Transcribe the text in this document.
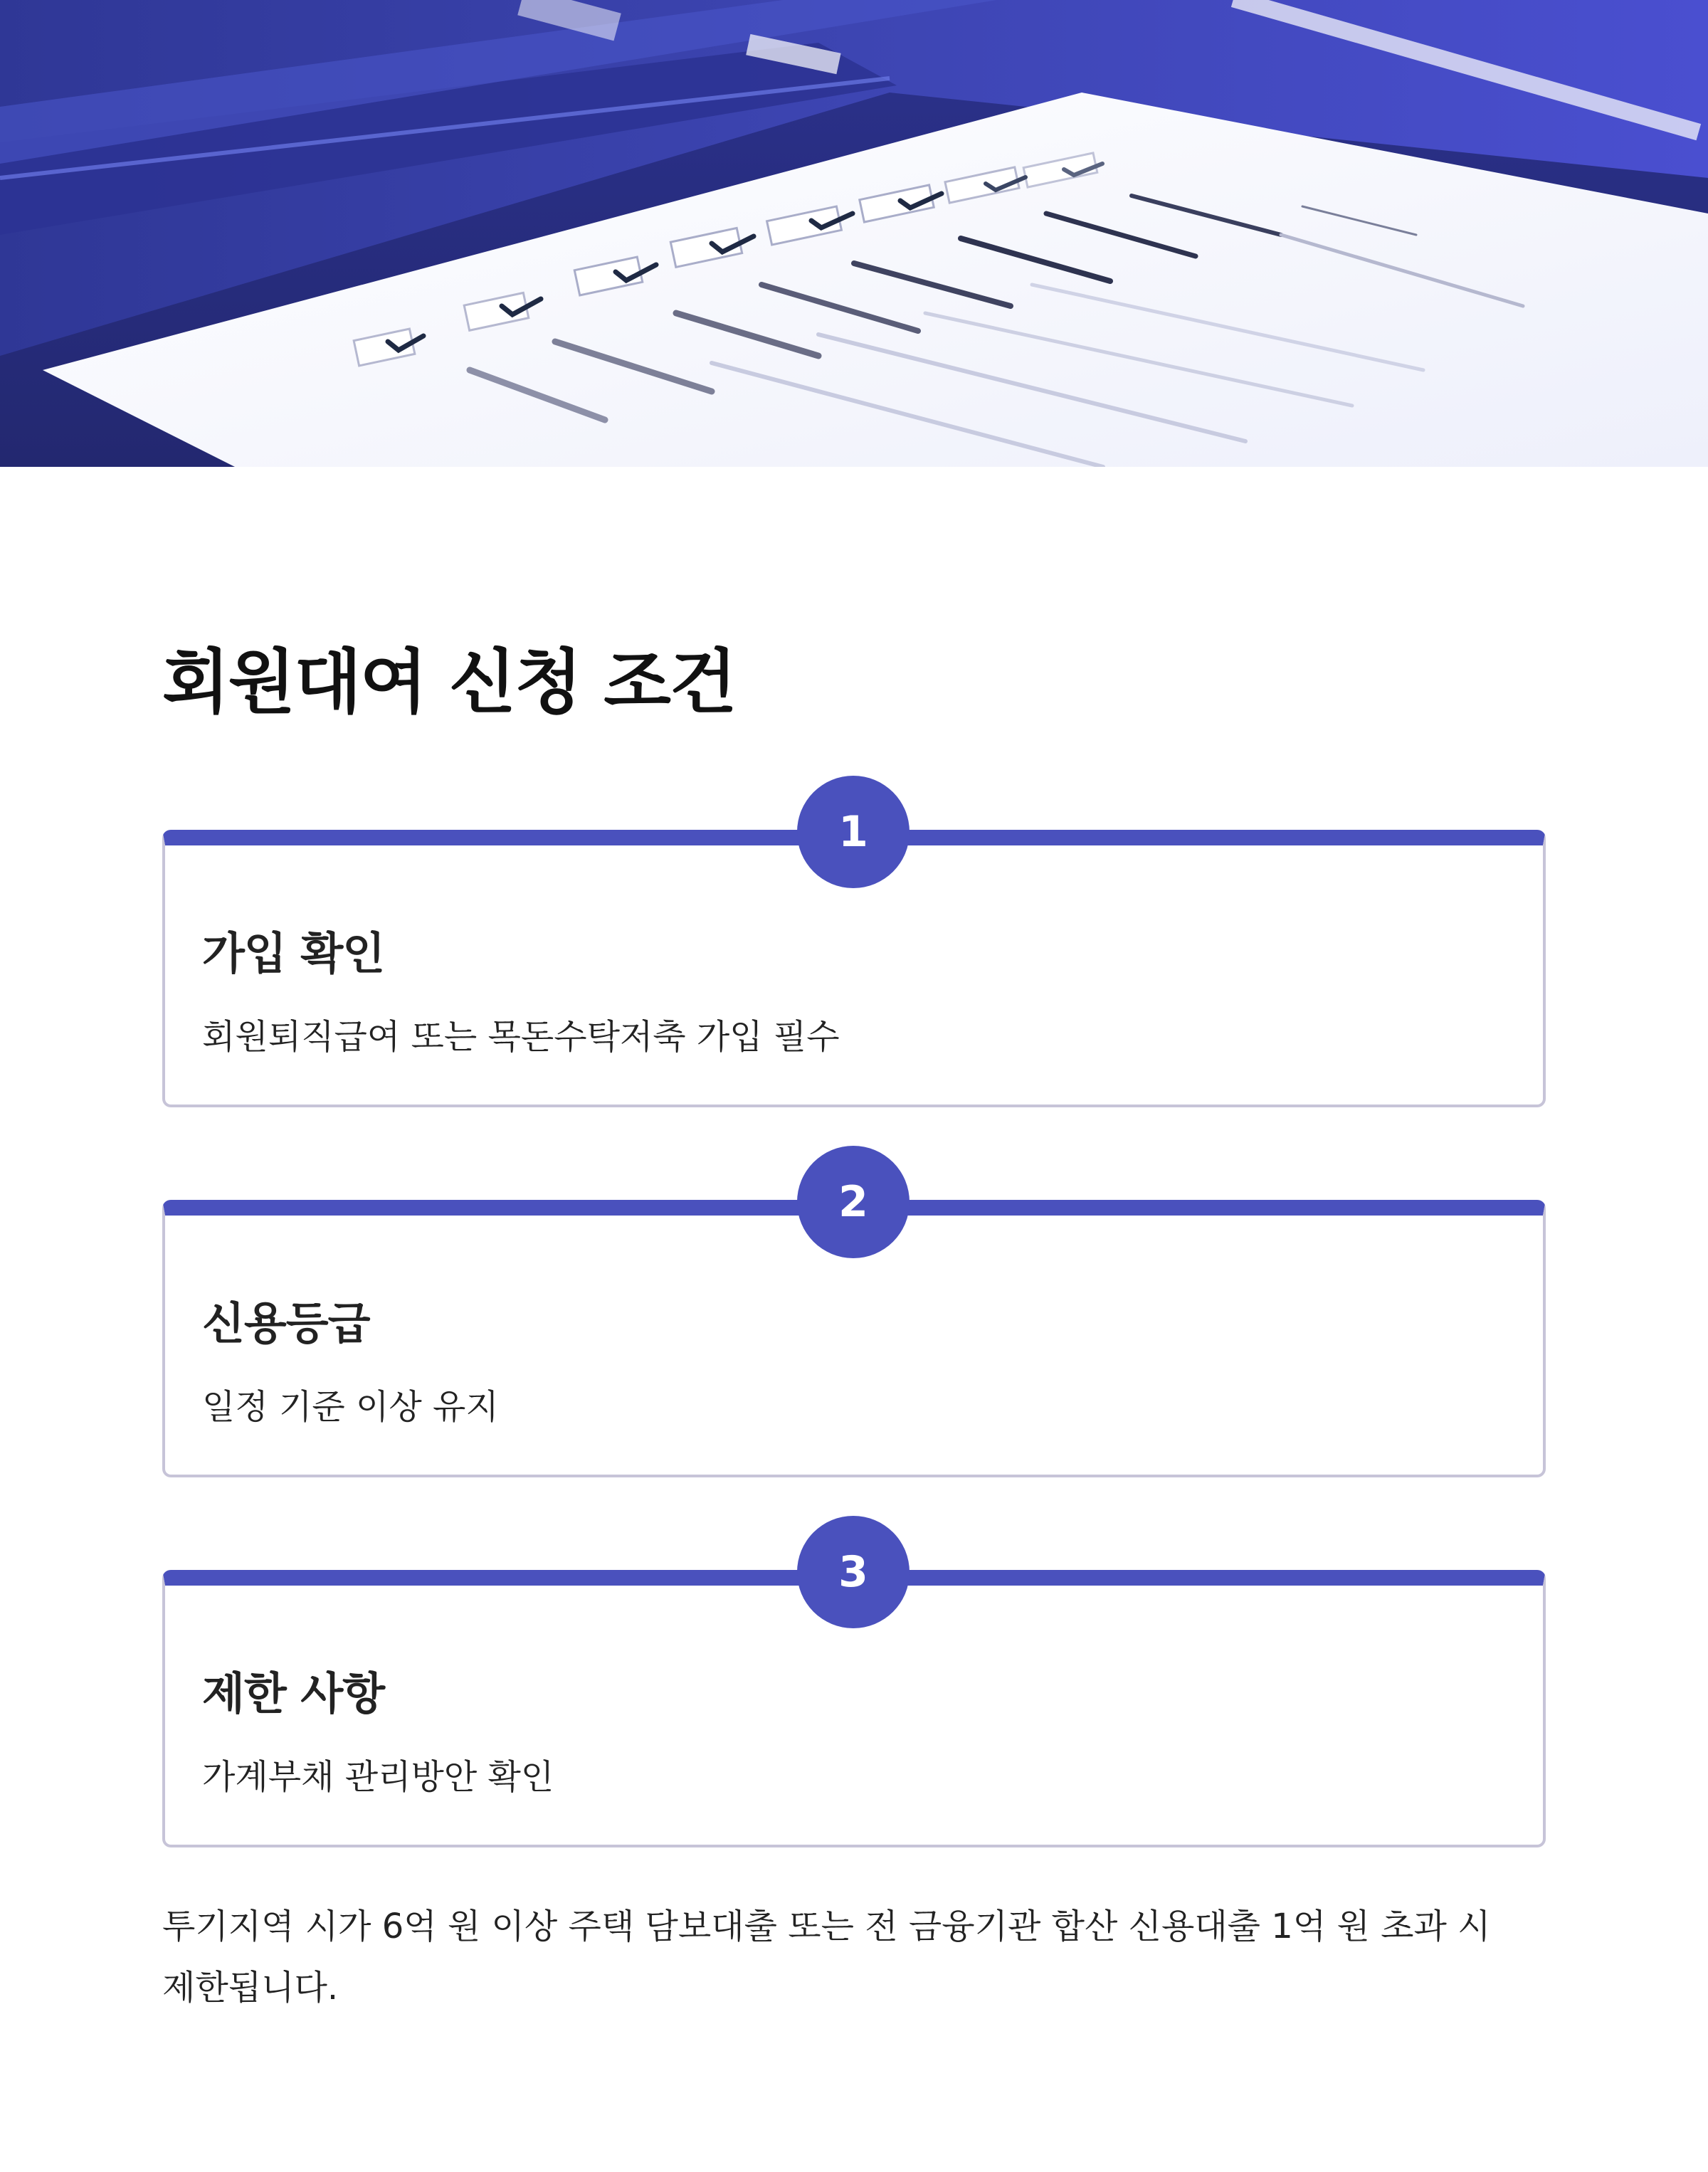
회원대여 신청 조건
1
가입 확인
회원퇴직급여 또는 목돈수탁저축 가입 필수
2
신용등급
일정 기준 이상 유지
3
제한 사항
가계부채 관리방안 확인

투기지역 시가 6억 원 이상 주택 담보대출 또는 전 금융기관 합산 신용대출 1억 원 초과 시 제한됩니다.
